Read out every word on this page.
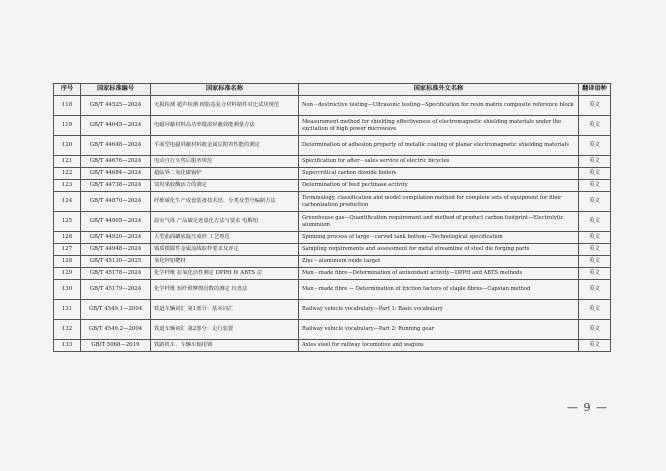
序号	国家标准编号	国家标准名称	国家标准外文名称	翻译语种
118	GB/T 44525—2024	无损检测 超声检测 树脂基复合材料制件对比试块规范	Non－destructive testing—Ultrasonic testing—Specification for resin matrix composite reference block	英文
119	GB/T 44645—2024	电磁屏蔽材料高功率微波屏蔽效能测量方法	Measurement method for shielding effectiveness of electromagnetic shielding materials under the excitation of high power microwave	英文
120	GB/T 44648—2024	平面型电磁屏蔽材料镀金属层附着性能的测定	Determination of adhesion property of metallic coating of planar electromagnetic shielding materials	英文
121	GB/T 44676—2024	电动自行车售后服务规范	Specification for after－sales service of electric bicycles	英文
122	GB/T 44684—2024	超临界二氧化碳锅炉	Supercritical carbon dioxide boilers	英文
123	GB/T 44738—2024	饲用果胶酶活力的测定	Determination of feed pectinase activity	英文
124	GB/T 44870—2024	纤维碳化生产成套装备技术语、分类及型号编制方法	Terminology, classification and model compilation method for complete sets of equipment for fiber carbonization production	英文
125	GB/T 44905—2024	温室气体 产品碳足迹量化方法与要求 电解铝	Greenhouse gas—Quantification requirement and method of product carbon footprint—Electrolytic aluminium	英文
126	GB/T 44920—2024	大型曲面罐底旋压成形 工艺规范	Spinning process of large－curved tank bottom—Technological specification	英文
127	GB/T 44948—2024	钢质模锻件金属流线取样要求及评定	Sampling requirements and assessment for metal streamline of steel die forging parts	英文
128	GB/T 45130—2025	氧化锌铝靶材	Zinc－aluminium oxide target	英文
129	GB/T 45178—2024	化学纤维 抗氧化活性测定 DPPH 和 ABTS 法	Man－made fibre—Determination of antioxidant activity—DPPH and ABTS methods	英文
130	GB/T 45179—2024	化学纤维 短纤维摩擦因数的测定 绞盘法	Man－made fibre — Determination of friction factors of staple fibres—Capstan method	英文
131	GB/T 4549.1—2004	铁道车辆词汇 第1部分：基本词汇	Railway vehicle vocabulary—Part 1: Basic vocabulary	英文
132	GB/T 4549.2—2004	铁道车辆词汇 第2部分：走行装置	Railway vehicle vocabulary—Part 2: Running gear	英文
133	GB/T 5068—2019	铁路机车、车辆车轴用钢	Axles steel for railway locomotive and wagons	英文
— 9 —
